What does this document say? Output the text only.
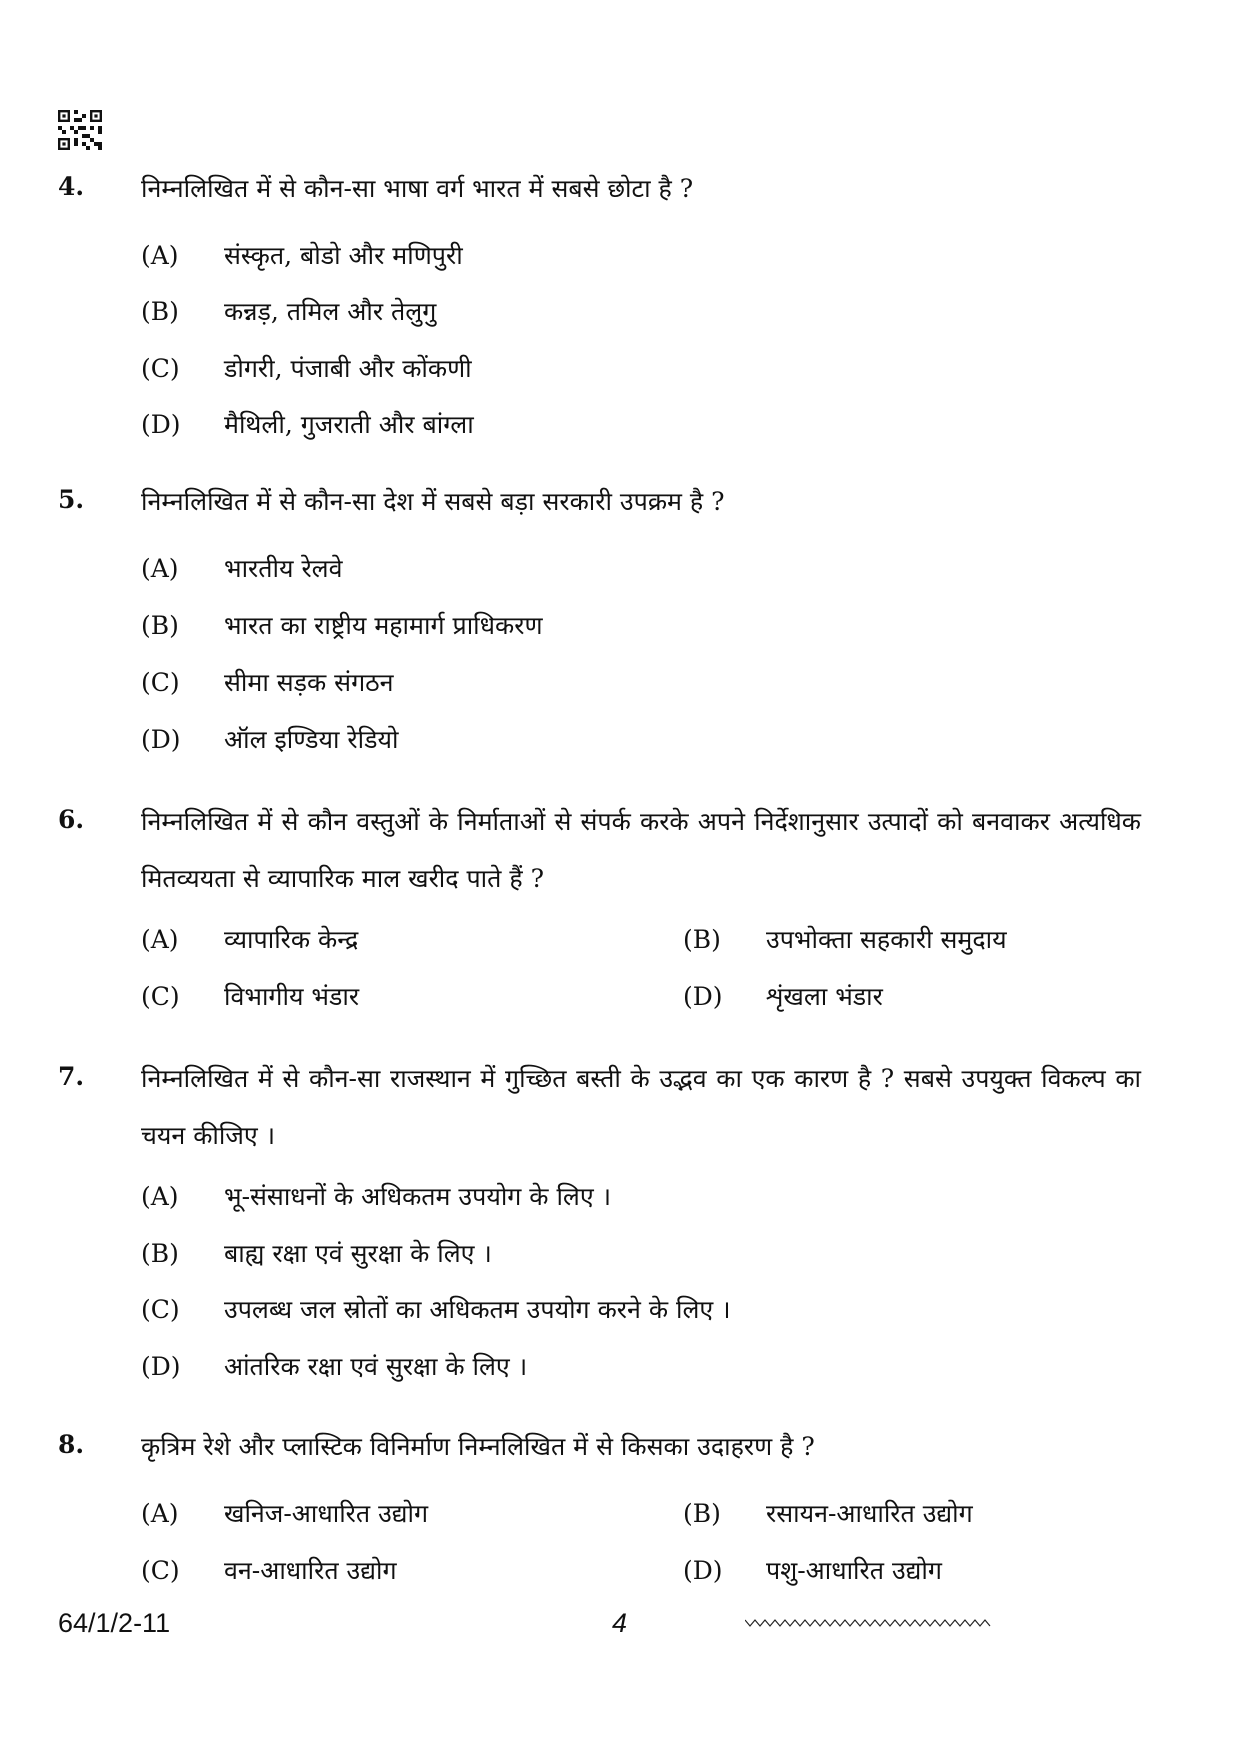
4. निम्नलिखित में से कौन-सा भाषा वर्ग भारत में सबसे छोटा है ?
(A) संस्कृत, बोडो और मणिपुरी
(B) कन्नड़, तमिल और तेलुगु
(C) डोगरी, पंजाबी और कोंकणी
(D) मैथिली, गुजराती और बांग्ला
5. निम्नलिखित में से कौन-सा देश में सबसे बड़ा सरकारी उपक्रम है ?
(A) भारतीय रेलवे
(B) भारत का राष्ट्रीय महामार्ग प्राधिकरण
(C) सीमा सड़क संगठन
(D) ऑल इण्डिया रेडियो
6. निम्नलिखित में से कौन वस्तुओं के निर्माताओं से संपर्क करके अपने निर्देशानुसार उत्पादों को बनवाकर अत्यधिक मितव्ययता से व्यापारिक माल खरीद पाते हैं ?
(A) व्यापारिक केन्द्र	(B) उपभोक्ता सहकारी समुदाय
(C) विभागीय भंडार	(D) शृंखला भंडार
7. निम्नलिखित में से कौन-सा राजस्थान में गुच्छित बस्ती के उद्भव का एक कारण है ? सबसे उपयुक्त विकल्प का चयन कीजिए ।
(A) भू-संसाधनों के अधिकतम उपयोग के लिए ।
(B) बाह्य रक्षा एवं सुरक्षा के लिए ।
(C) उपलब्ध जल स्रोतों का अधिकतम उपयोग करने के लिए ।
(D) आंतरिक रक्षा एवं सुरक्षा के लिए ।
8. कृत्रिम रेशे और प्लास्टिक विनिर्माण निम्नलिखित में से किसका उदाहरण है ?
(A) खनिज-आधारित उद्योग	(B) रसायन-आधारित उद्योग
(C) वन-आधारित उद्योग	(D) पशु-आधारित उद्योग
64/1/2-11	4
